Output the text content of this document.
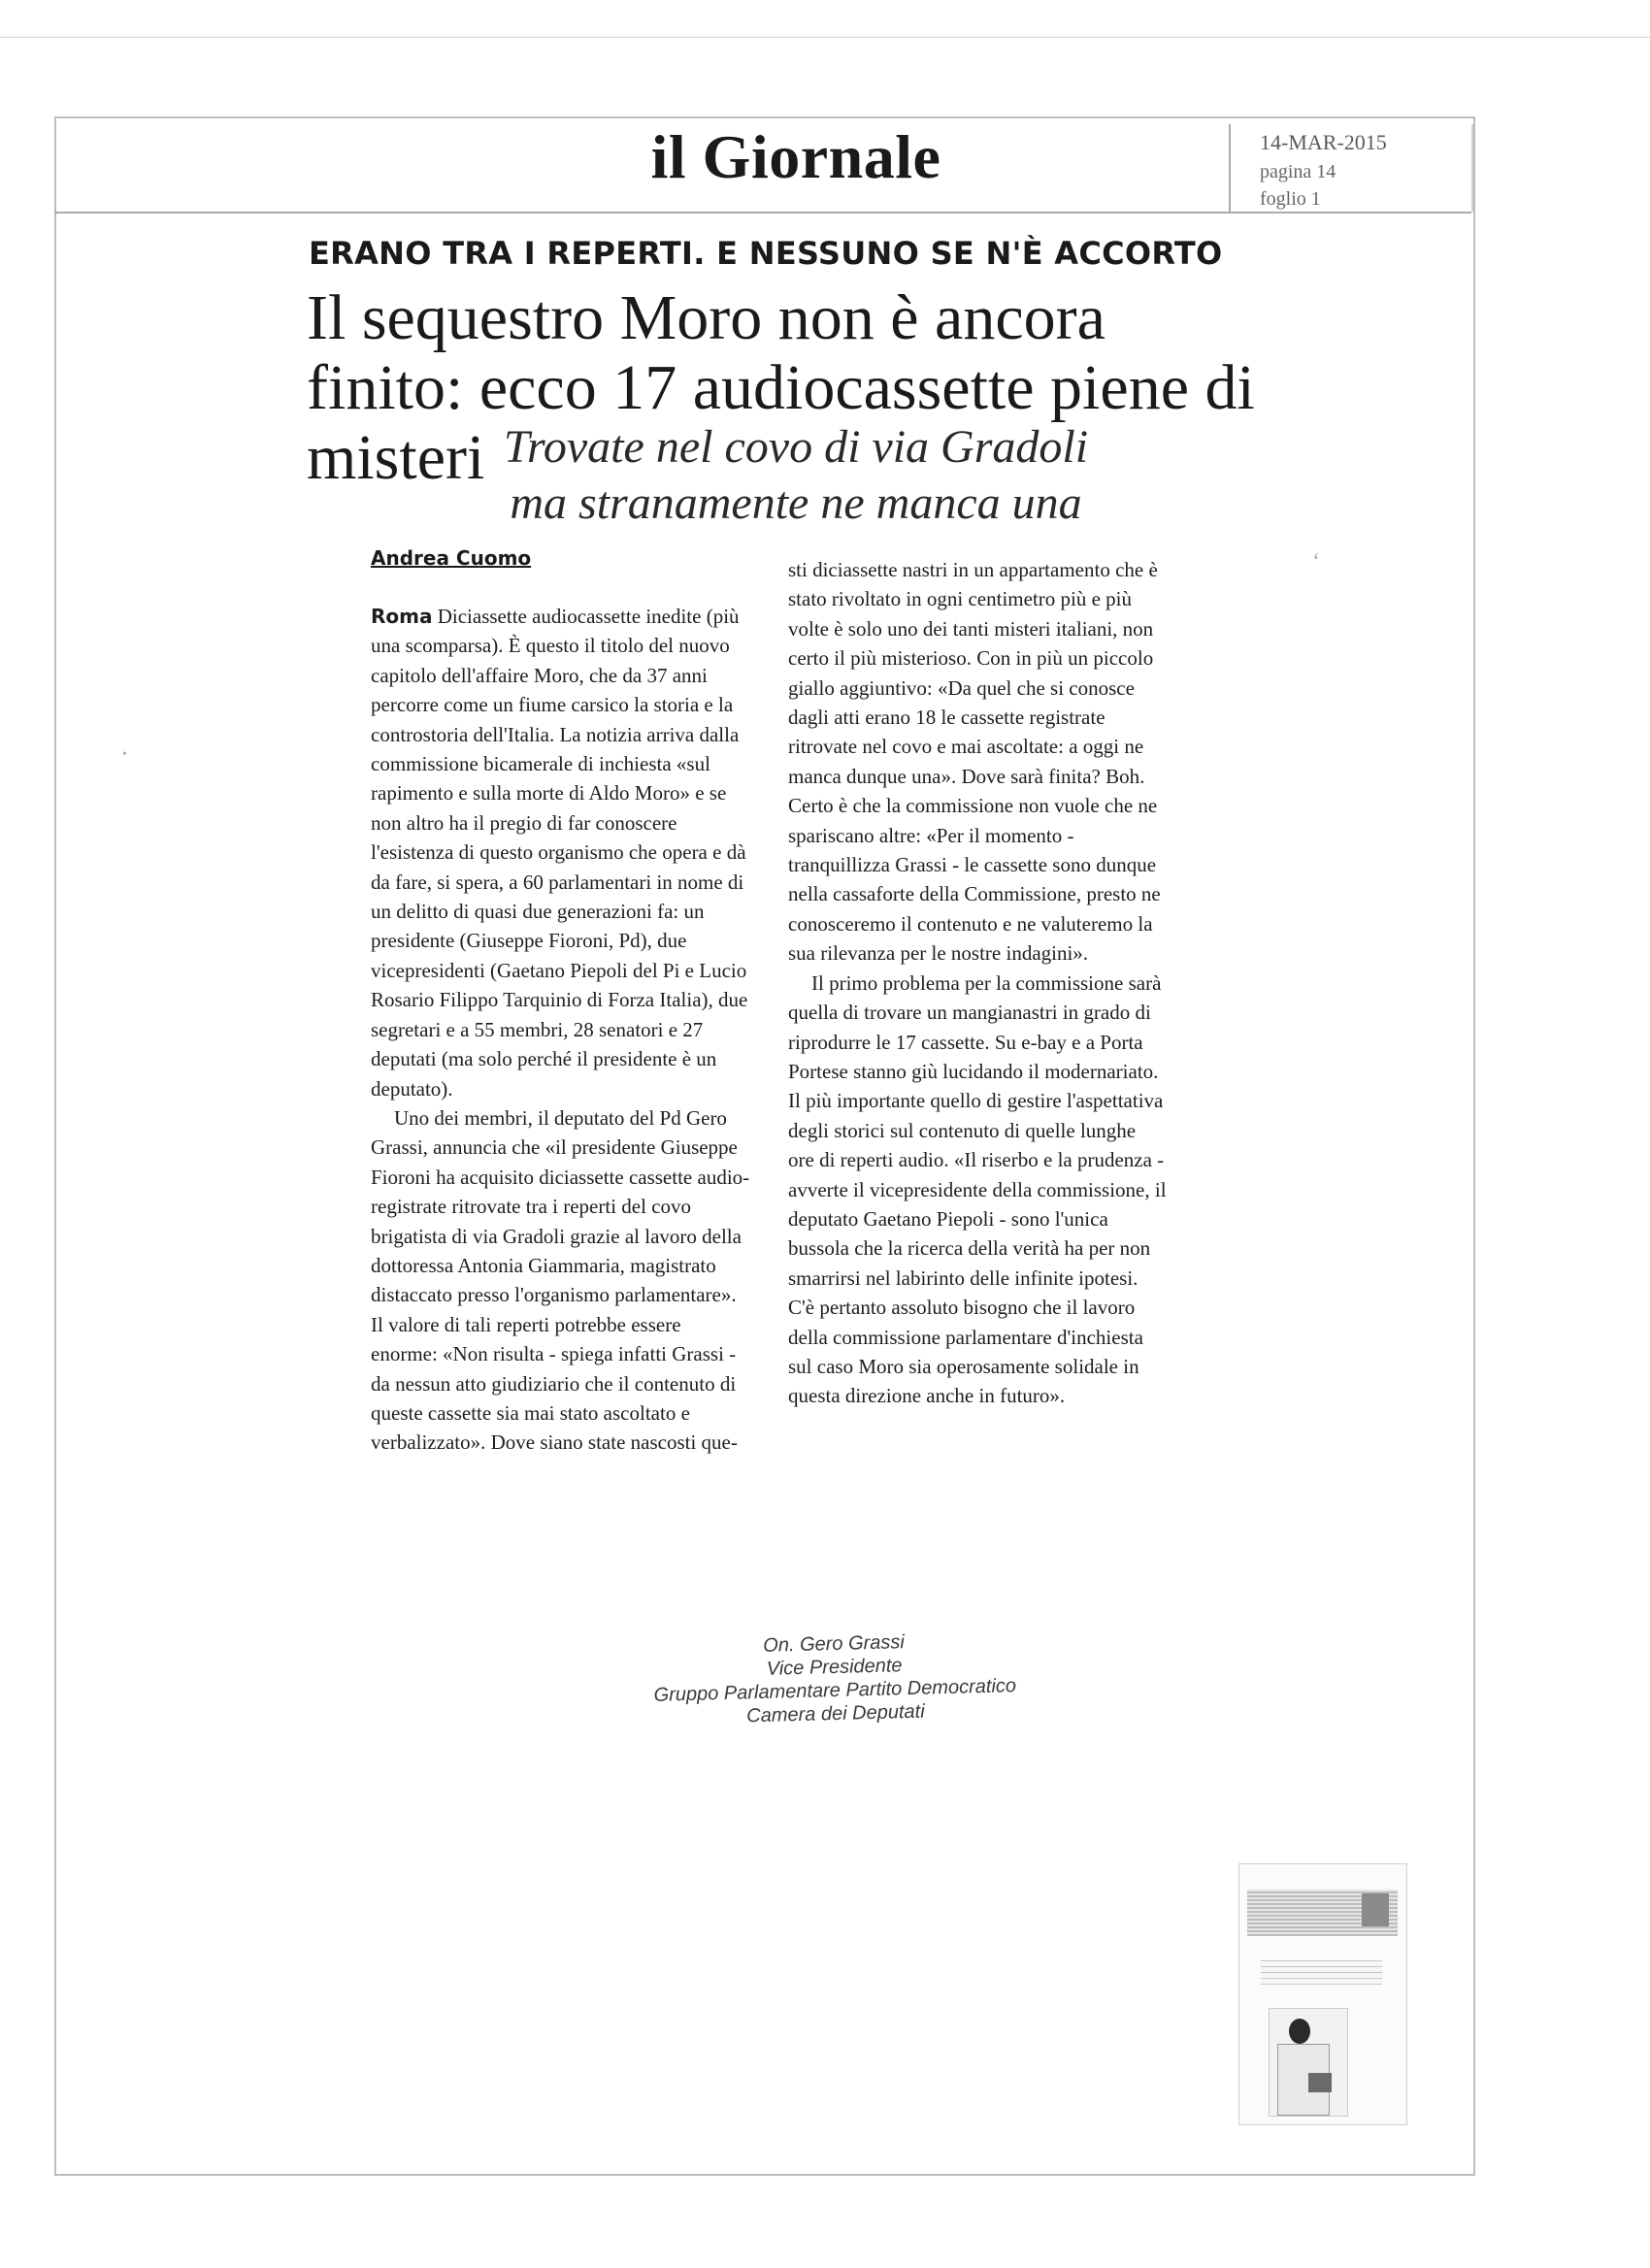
il Giornale	14-MAR-2015
pagina 14
foglio 1
ERANO TRA I REPERTI. E NESSUNO SE N'È ACCORTO
Il sequestro Moro non è ancora finito: ecco 17 audiocassette piene di misteri Trovate nel covo di via Gradoli ma stranamente ne manca una
Andrea Cuomo

Roma Diciassette audiocassette inedite (più una scomparsa). È questo il titolo del nuovo capitolo dell'affaire Moro, che da 37 anni percorre come un fiume carsico la storia e la controstoria dell'Italia. La notizia arriva dalla commissione bicamerale di inchiesta «sul rapimento e sulla morte di Aldo Moro» e se non altro ha il pregio di far conoscere l'esistenza di questo organismo che opera e dà da fare, si spera, a 60 parlamentari in nome di un delitto di quasi due generazioni fa: un presidente (Giuseppe Fioroni, Pd), due vicepresidenti (Gaetano Piepoli del Pi e Lucio Rosario Filippo Tarquinio di Forza Italia), due segretari e a 55 membri, 28 senatori e 27 deputati (ma solo perché il presidente è un deputato).

Uno dei membri, il deputato del Pd Gero Grassi, annuncia che «il presidente Giuseppe Fioroni ha acquisito diciassette cassette audio-registrate ritrovate tra i reperti del covo brigatista di via Gradoli grazie al lavoro della dottoressa Antonia Giammaria, magistrato distaccato presso l'organismo parlamentare». Il valore di tali reperti potrebbe essere enorme: «Non risulta - spiega infatti Grassi - da nessun atto giudiziario che il contenuto di queste cassette sia mai stato ascoltato e verbalizzato». Dove siano state nascosti que-

sti diciassette nastri in un appartamento che è stato rivoltato in ogni centimetro più e più volte è solo uno dei tanti misteri italiani, non certo il più misterioso. Con in più un piccolo giallo aggiuntivo: «Da quel che si conosce dagli atti erano 18 le cassette registrate ritrovate nel covo e mai ascoltate: a oggi ne manca dunque una». Dove sarà finita? Boh. Certo è che la commissione non vuole che ne spariscano altre: «Per il momento - tranquillizza Grassi - le cassette sono dunque nella cassaforte della Commissione, presto ne conosceremo il contenuto e ne valuteremo la sua rilevanza per le nostre indagini».

Il primo problema per la commissione sarà quella di trovare un mangianastri in grado di riprodurre le 17 cassette. Su e-bay e a Porta Portese stanno giù lucidando il modernariato. Il più importante quello di gestire l'aspettativa degli storici sul contenuto di quelle lunghe ore di reperti audio. «Il riserbo e la prudenza - avverte il vicepresidente della commissione, il deputato Gaetano Piepoli - sono l'unica bussola che la ricerca della verità ha per non smarrirsi nel labirinto delle infinite ipotesi. C'è pertanto assoluto bisogno che il lavoro della commissione parlamentare d'inchiesta sul caso Moro sia operosamente solidale in questa direzione anche in futuro».

On. Gero Grassi
Vice Presidente
Gruppo Parlamentare Partito Democratico
Camera dei Deputati
‘
•
